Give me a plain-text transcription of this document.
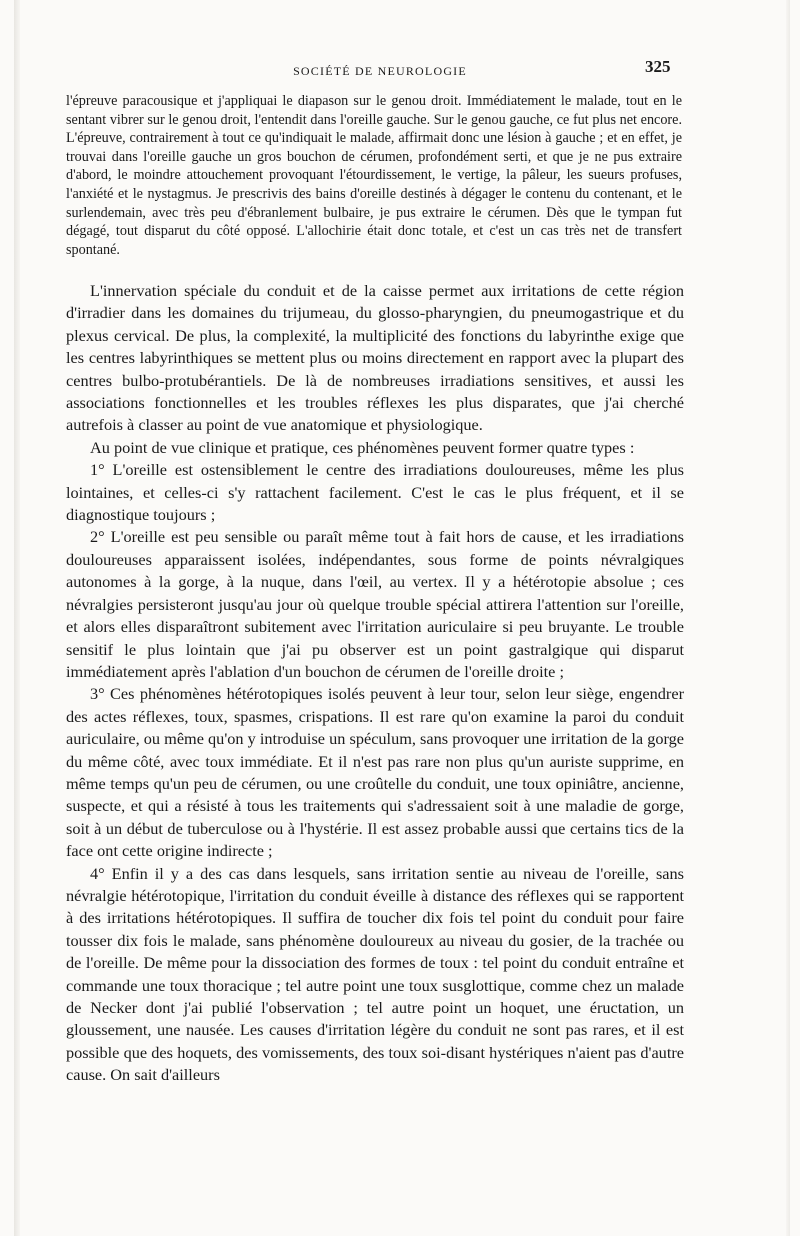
SOCIÉTÉ DE NEUROLOGIE	325

l'épreuve paracousique et j'appliquai le diapason sur le genou droit. Immédiatement le malade, tout en le sentant vibrer sur le genou droit, l'entendit dans l'oreille gauche. Sur le genou gauche, ce fut plus net encore. L'épreuve, contrairement à tout ce qu'indiquait le malade, affirmait donc une lésion à gauche ; et en effet, je trouvai dans l'oreille gauche un gros bouchon de cérumen, profondément serti, et que je ne pus extraire d'abord, le moindre attouchement provoquant l'étourdissement, le vertige, la pâleur, les sueurs profuses, l'anxiété et le nystagmus. Je prescrivis des bains d'oreille destinés à dégager le contenu du contenant, et le surlendemain, avec très peu d'ébranlement bulbaire, je pus extraire le cérumen. Dès que le tympan fut dégagé, tout disparut du côté opposé. L'allochirie était donc totale, et c'est un cas très net de transfert spontané.

L'innervation spéciale du conduit et de la caisse permet aux irritations de cette région d'irradier dans les domaines du trijumeau, du glosso-pharyngien, du pneumogastrique et du plexus cervical. De plus, la complexité, la multiplicité des fonctions du labyrinthe exige que les centres labyrinthiques se mettent plus ou moins directement en rapport avec la plupart des centres bulbo-protubérantiels. De là de nombreuses irradiations sensitives, et aussi les associations fonctionnelles et les troubles réflexes les plus disparates, que j'ai cherché autrefois à classer au point de vue anatomique et physiologique.

Au point de vue clinique et pratique, ces phénomènes peuvent former quatre types :

1° L'oreille est ostensiblement le centre des irradiations douloureuses, même les plus lointaines, et celles-ci s'y rattachent facilement. C'est le cas le plus fréquent, et il se diagnostique toujours ;

2° L'oreille est peu sensible ou paraît même tout à fait hors de cause, et les irradiations douloureuses apparaissent isolées, indépendantes, sous forme de points névralgiques autonomes à la gorge, à la nuque, dans l'œil, au vertex. Il y a hétérotopie absolue ; ces névralgies persisteront jusqu'au jour où quelque trouble spécial attirera l'attention sur l'oreille, et alors elles disparaîtront subitement avec l'irritation auriculaire si peu bruyante. Le trouble sensitif le plus lointain que j'ai pu observer est un point gastralgique qui disparut immédiatement après l'ablation d'un bouchon de cérumen de l'oreille droite ;

3° Ces phénomènes hétérotopiques isolés peuvent à leur tour, selon leur siège, engendrer des actes réflexes, toux, spasmes, crispations. Il est rare qu'on examine la paroi du conduit auriculaire, ou même qu'on y introduise un spéculum, sans provoquer une irritation de la gorge du même côté, avec toux immédiate. Et il n'est pas rare non plus qu'un auriste supprime, en même temps qu'un peu de cérumen, ou une croûtelle du conduit, une toux opiniâtre, ancienne, suspecte, et qui a résisté à tous les traitements qui s'adressaient soit à une maladie de gorge, soit à un début de tuberculose ou à l'hystérie. Il est assez probable aussi que certains tics de la face ont cette origine indirecte ;

4° Enfin il y a des cas dans lesquels, sans irritation sentie au niveau de l'oreille, sans névralgie hétérotopique, l'irritation du conduit éveille à distance des réflexes qui se rapportent à des irritations hétérotopiques. Il suffira de toucher dix fois tel point du conduit pour faire tousser dix fois le malade, sans phénomène douloureux au niveau du gosier, de la trachée ou de l'oreille. De même pour la dissociation des formes de toux : tel point du conduit entraîne et commande une toux thoracique ; tel autre point une toux susglottique, comme chez un malade de Necker dont j'ai publié l'observation ; tel autre point un hoquet, une éructation, un gloussement, une nausée. Les causes d'irritation légère du conduit ne sont pas rares, et il est possible que des hoquets, des vomissements, des toux soi-disant hystériques n'aient pas d'autre cause. On sait d'ailleurs
